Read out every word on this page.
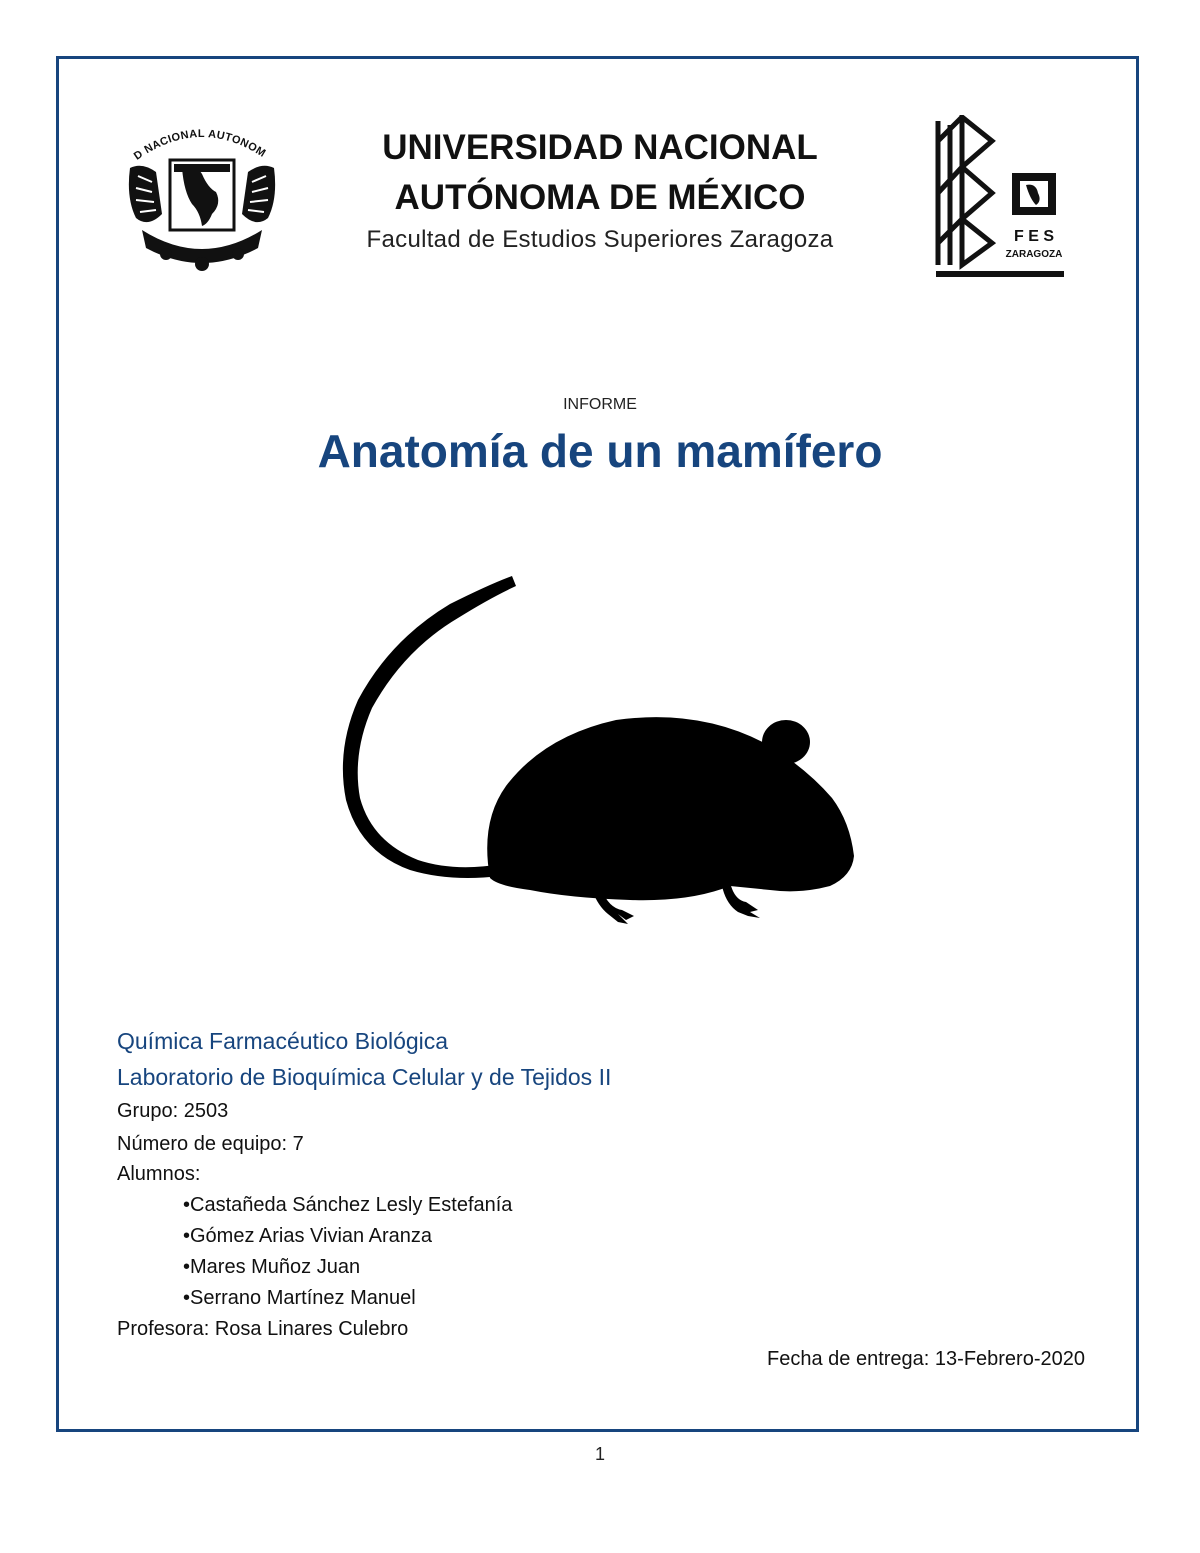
D NACIONAL AUTONOM	UNIVERSIDAD NACIONAL
AUTÓNOMA DE MÉXICO
Facultad de Estudios Superiores Zaragoza	F E S
ZARAGOZA
INFORME
Anatomía de un mamífero
Química Farmacéutico Biológica
Laboratorio de Bioquímica Celular y de Tejidos II
Grupo: 2503
Número de equipo: 7
Alumnos:
•Castañeda Sánchez Lesly Estefanía
•Gómez Arias Vivian Aranza
•Mares Muñoz Juan
•Serrano Martínez Manuel
Profesora: Rosa Linares Culebro
Fecha de entrega: 13-Febrero-2020
1
